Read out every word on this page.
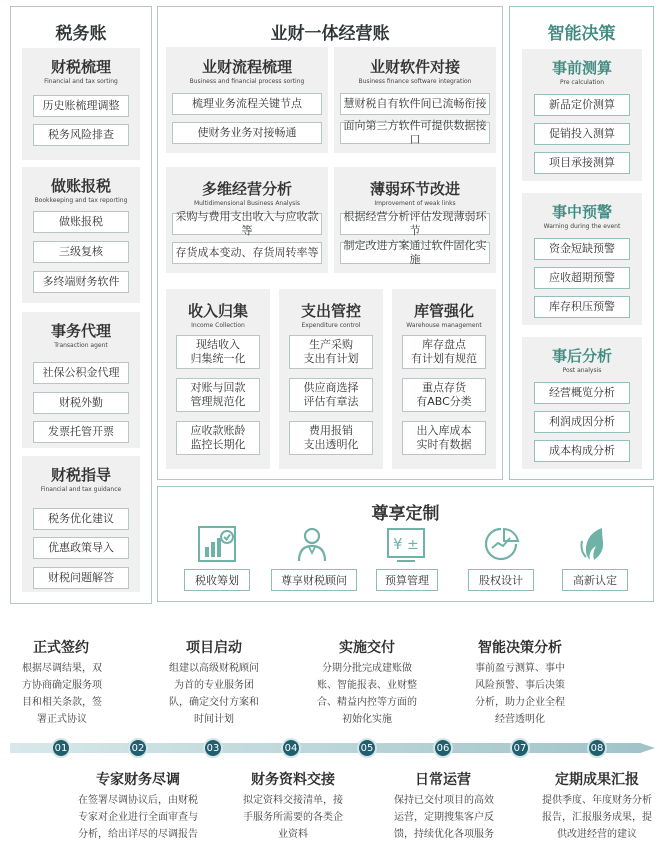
税务账
财税梳理
Financial and tax sorting
历史账梳理调整
税务风险排查
做账报税
Bookkeeping and tax reporting
做账报税
三级复核
多终端财务软件
事务代理
Transaction agent
社保公积金代理
财税外勤
发票托管开票
财税指导
Financial and tax guidance
税务优化建议
优惠政策导入
财税问题解答
业财一体经营账
业财流程梳理
Business and financial process sorting
梳理业务流程关键节点
使财务业务对接畅通
业财软件对接
Business finance software integration
慧财税自有软件间已流畅衔接
面向第三方软件可提供数据接口
多维经营分析
Multidimensional Business Analysis
采购与费用支出收入与应收款等
存货成本变动、存货周转率等
薄弱环节改进
Improvement of weak links
根据经营分析评估发现薄弱环节
制定改进方案通过软件固化实施
收入归集
Income Collection
现结收入
归集统一化
对账与回款
管理规范化
应收款账龄
监控长期化
支出管控
Expenditure control
生产采购
支出有计划
供应商选择
评估有章法
费用报销
支出透明化
库管强化
Warehouse management
库存盘点
有计划有规范
重点存货
有ABC分类
出入库成本
实时有数据
智能决策
事前测算
Pre calculation
新品定价测算
促销投入测算
项目承接测算
事中预警
Warning during the event
资金短缺预警
应收超期预警
库存积压预警
事后分析
Post analysis
经营概览分析
利润成因分析
成本构成分析
尊享定制
¥ ±
税收筹划	尊享财税顾问	预算管理	股权设计	高新认定
正式签约
根据尽调结果，双
方协商确定服务项
目和相关条款，签
署正式协议
项目启动
组建以高级财税顾问
为首的专业服务团
队，确定交付方案和
时间计划
实施交付
分期分批完成建账做
账、智能报表、业财整
合、精益内控等方面的
初始化实施
智能决策分析
事前盈亏测算、事中
风险预警、事后决策
分析，助力企业全程
经营透明化
01	02	03	04	05	06	07	08
专家财务尽调
在签署尽调协议后，由财税
专家对企业进行全面审查与
分析，给出详尽的尽调报告
财务资料交接
拟定资料交接清单，接
手服务所需要的各类企
业资料
日常运营
保持已交付项目的高效
运营，定期搜集客户反
馈，持续优化各项服务
定期成果汇报
提供季度、年度财务分析
报告，汇报服务成果，提
供改进经营的建议
